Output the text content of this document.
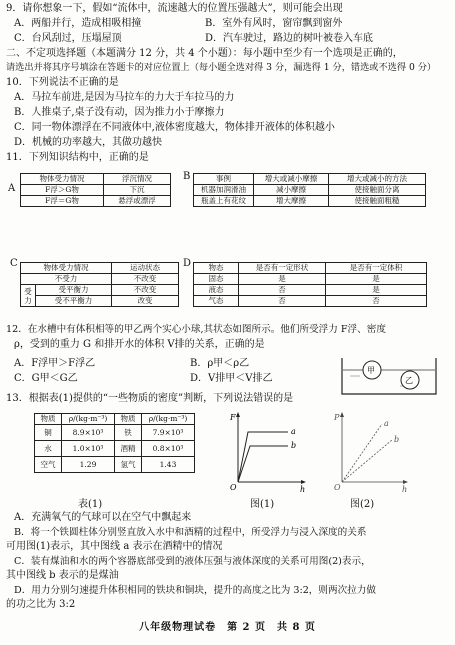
9．请你想象一下，假如“流体中，流速越大的位置压强越大”，则可能会出现
A．两船并行，造成相吸相撞	B．室外有风时，窗帘飘到窗外
C．台风刮过，压塌屋顶	D．汽车驶过，路边的树叶被卷入车底
二、不定项选择题（本题满分 12 分，共 4 个小题）：每小题中至少有一个选项是正确的，
请选出并将其序号填涂在答题卡的对应位置上（每小题全选对得 3 分，漏选得 1 分，错选或不选得 0 分）
10．下列说法不正确的是
A．马拉车前进,是因为马拉车的力大于车拉马的力
B．人推桌子,桌子没有动，因为推力小于摩擦力
C．同一物体漂浮在不同液体中,液体密度越大，物体排开液体的体积越小
D．机械的功率越大，其做功越快
11．下列知识结构中，正确的是
A
物体受力情况	浮沉情况
F浮＞G物	下沉
F浮＝G物	悬浮或漂浮
B	事例	增大或减小摩擦	增大或减小的方法
机器加润滑油	减小摩擦	使接触面分离
瓶盖上有花纹	增大摩擦	使接触面粗糙
C	物体受力情况		运动状态
不受力		不改变
受
力	受平衡力	不改变
	受不平衡力	改变
D 物态	是否有一定形状	是否有一定体积
固态	是	是
液态	否	是
气态	否	否
12．在水槽中有体积相等的甲乙两个实心小球,其状态如图所示。他们所受浮力 F浮、密度
ρ，受到的重力 G 和排开水的体积 V排的关系，正确的是
A．F浮甲＞F浮乙	B．ρ甲＜ρ乙
C．G甲＜G乙	D．V排甲＜V排乙
甲
乙
13．根据表(1)提供的“一些物质的密度”判断，下列说法错误的是
物质	ρ/(kg·m⁻³)	物质	ρ/(kg·m⁻³)
铜	8.9×10³	铁	7.9×10³
水	1.0×10³	酒精	0.8×10³
空气	1.29	氢气	1.43
表(1)
F
h
O
a
b
图(1)
P
h
O
a
b
图(2)
A．充满氧气的气球可以在空气中飘起来
B．将一个铁圆柱体分别竖直放入水中和酒精的过程中，所受浮力与浸入深度的关系
可用图(1)表示，其中图线 a 表示在酒精中的情况
C．装有煤油和水的两个容器底部受到的液体压强与液体深度的关系可用图(2)表示，
其中图线 b 表示的是煤油
D．用力分别匀速提升体积相同的铁块和铜块，提升的高度之比为 3:2，则两次拉力做
的功之比为 3:2
八年级物理试卷　第 2 页　共 8 页
